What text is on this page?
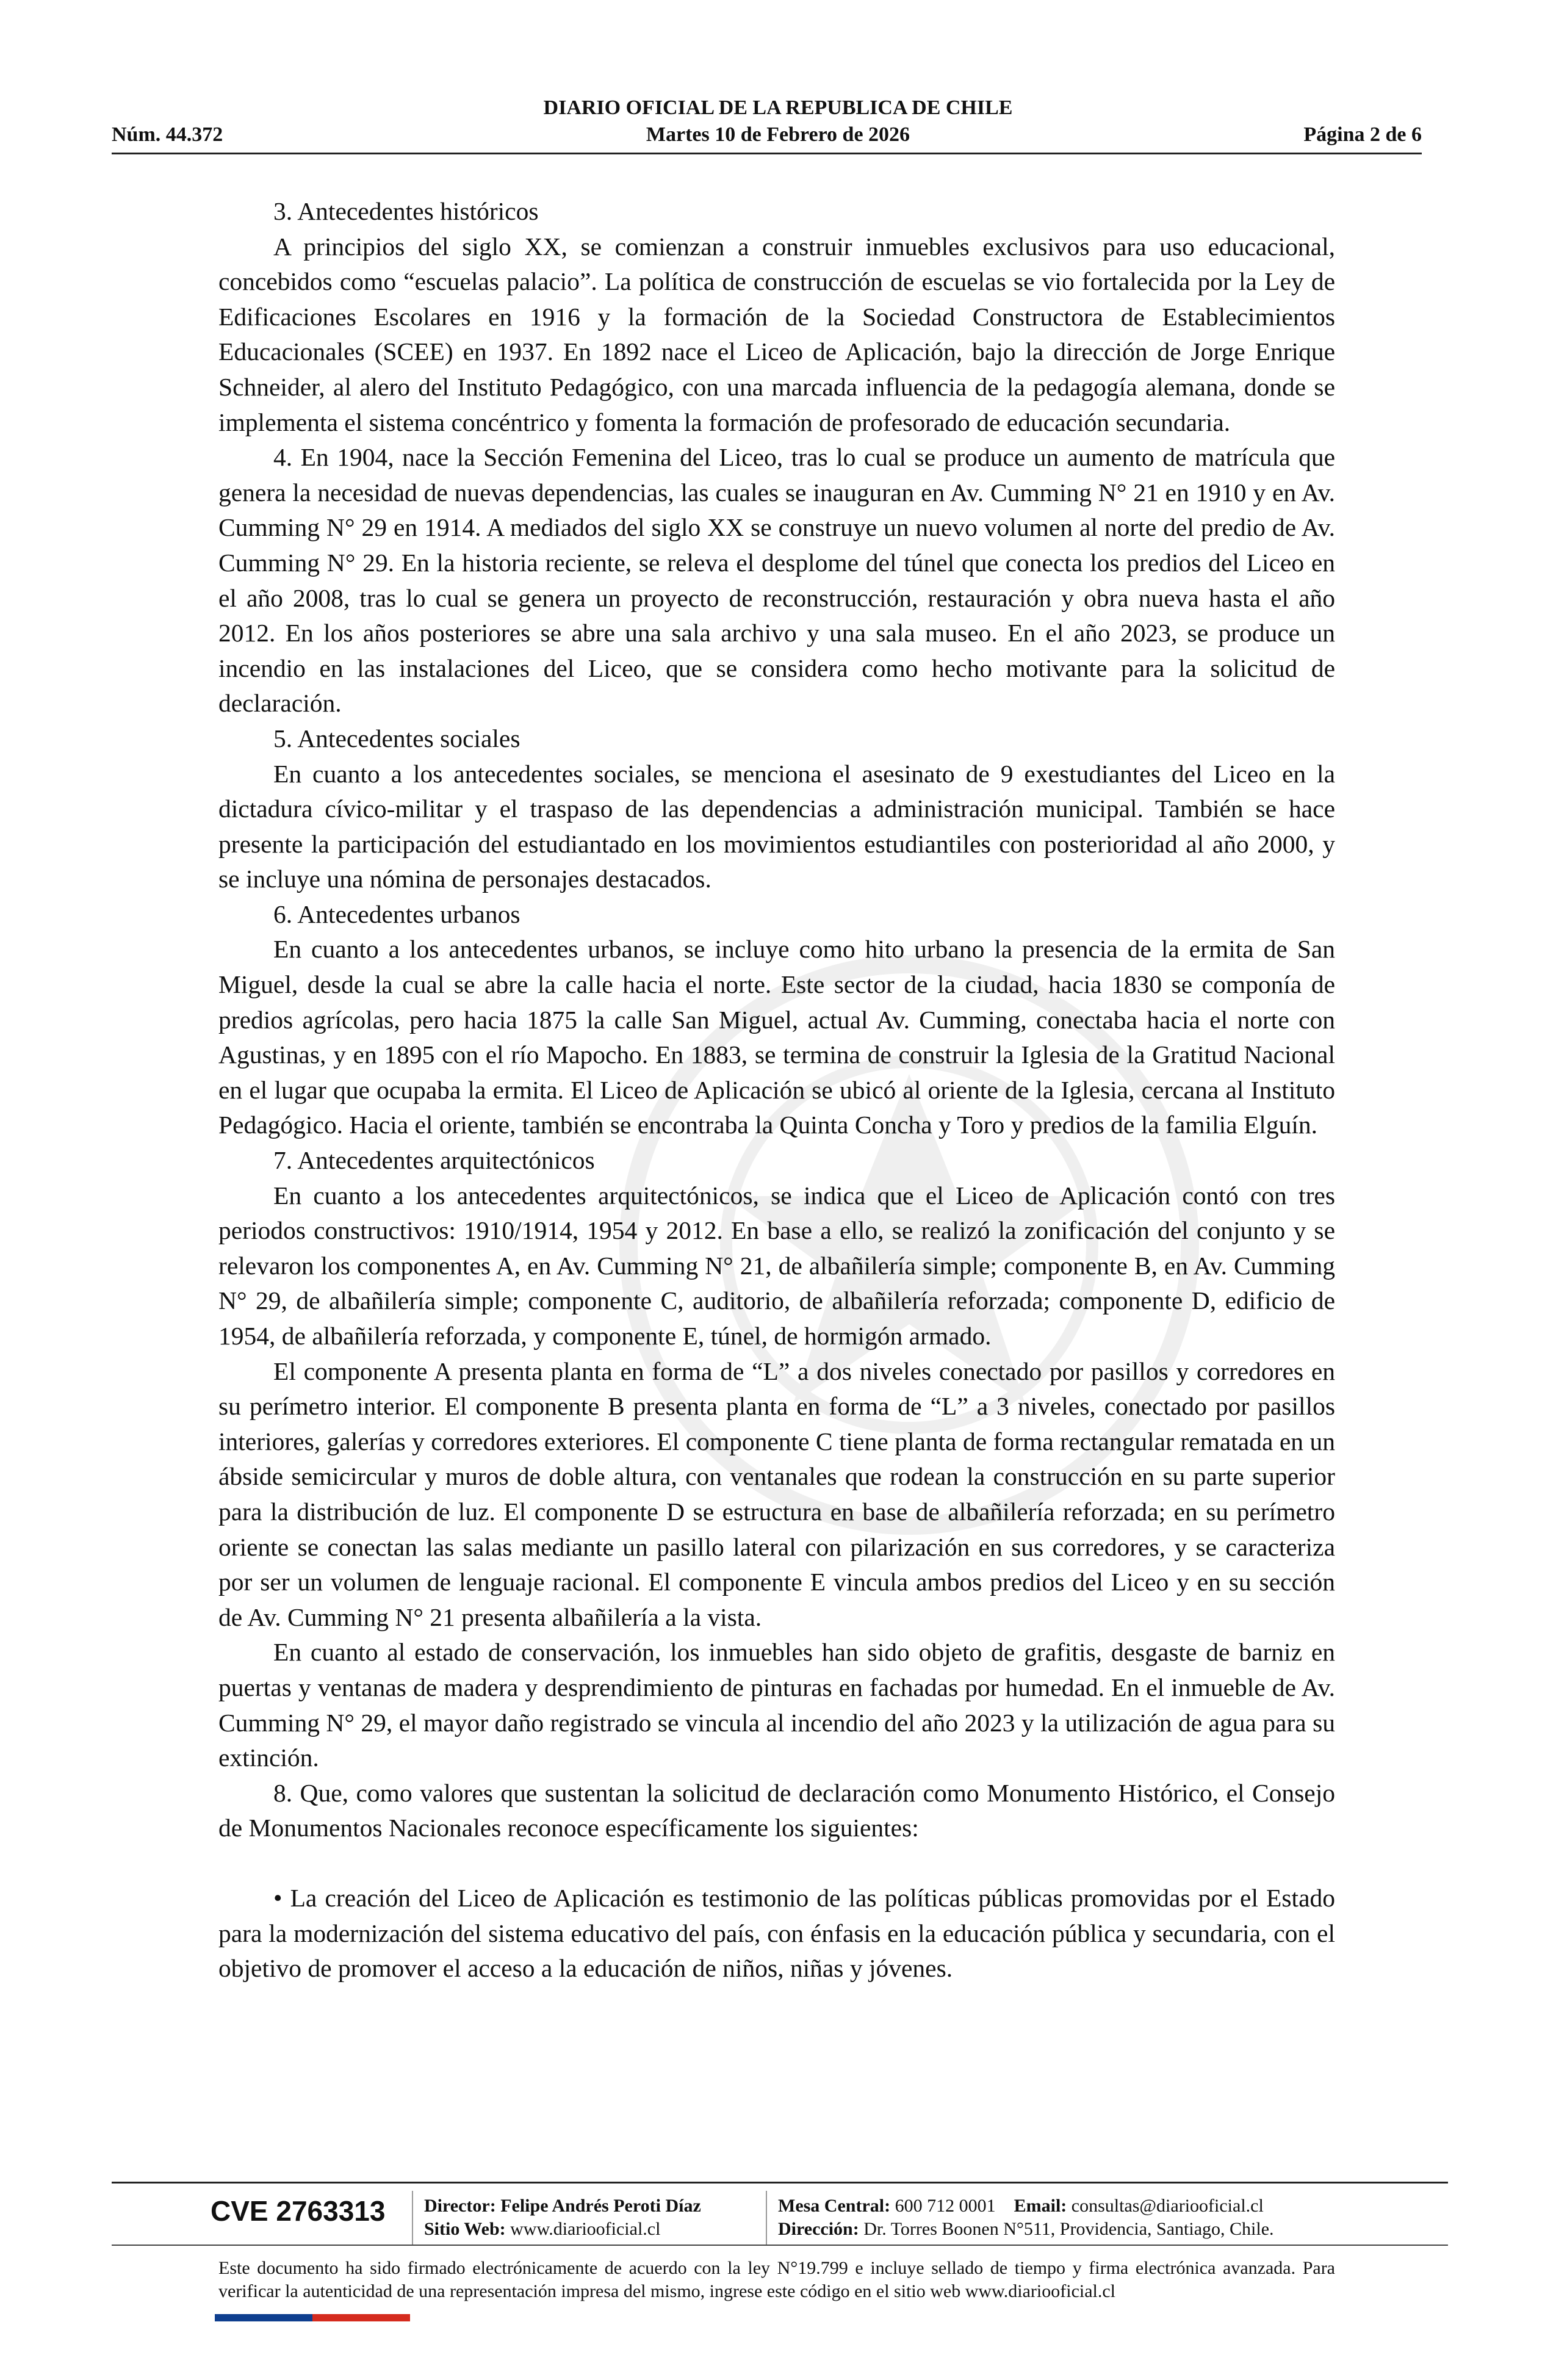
DIARIO OFICIAL DE LA REPUBLICA DE CHILE
Núm. 44.372	Martes 10 de Febrero de 2026	Página 2 de 6

3. Antecedentes históricos

A principios del siglo XX, se comienzan a construir inmuebles exclusivos para uso educacional, concebidos como “escuelas palacio”. La política de construcción de escuelas se vio fortalecida por la Ley de Edificaciones Escolares en 1916 y la formación de la Sociedad Constructora de Establecimientos Educacionales (SCEE) en 1937. En 1892 nace el Liceo de Aplicación, bajo la dirección de Jorge Enrique Schneider, al alero del Instituto Pedagógico, con una marcada influencia de la pedagogía alemana, donde se implementa el sistema concéntrico y fomenta la formación de profesorado de educación secundaria.

4. En 1904, nace la Sección Femenina del Liceo, tras lo cual se produce un aumento de matrícula que genera la necesidad de nuevas dependencias, las cuales se inauguran en Av. Cumming N° 21 en 1910 y en Av. Cumming N° 29 en 1914. A mediados del siglo XX se construye un nuevo volumen al norte del predio de Av. Cumming N° 29. En la historia reciente, se releva el desplome del túnel que conecta los predios del Liceo en el año 2008, tras lo cual se genera un proyecto de reconstrucción, restauración y obra nueva hasta el año 2012. En los años posteriores se abre una sala archivo y una sala museo. En el año 2023, se produce un incendio en las instalaciones del Liceo, que se considera como hecho motivante para la solicitud de declaración.

5. Antecedentes sociales

En cuanto a los antecedentes sociales, se menciona el asesinato de 9 exestudiantes del Liceo en la dictadura cívico-militar y el traspaso de las dependencias a administración municipal. También se hace presente la participación del estudiantado en los movimientos estudiantiles con posterioridad al año 2000, y se incluye una nómina de personajes destacados.

6. Antecedentes urbanos

En cuanto a los antecedentes urbanos, se incluye como hito urbano la presencia de la ermita de San Miguel, desde la cual se abre la calle hacia el norte. Este sector de la ciudad, hacia 1830 se componía de predios agrícolas, pero hacia 1875 la calle San Miguel, actual Av. Cumming, conectaba hacia el norte con Agustinas, y en 1895 con el río Mapocho. En 1883, se termina de construir la Iglesia de la Gratitud Nacional en el lugar que ocupaba la ermita. El Liceo de Aplicación se ubicó al oriente de la Iglesia, cercana al Instituto Pedagógico. Hacia el oriente, también se encontraba la Quinta Concha y Toro y predios de la familia Elguín.

7. Antecedentes arquitectónicos

En cuanto a los antecedentes arquitectónicos, se indica que el Liceo de Aplicación contó con tres periodos constructivos: 1910/1914, 1954 y 2012. En base a ello, se realizó la zonificación del conjunto y se relevaron los componentes A, en Av. Cumming N° 21, de albañilería simple; componente B, en Av. Cumming N° 29, de albañilería simple; componente C, auditorio, de albañilería reforzada; componente D, edificio de 1954, de albañilería reforzada, y componente E, túnel, de hormigón armado.

El componente A presenta planta en forma de “L” a dos niveles conectado por pasillos y corredores en su perímetro interior. El componente B presenta planta en forma de “L” a 3 niveles, conectado por pasillos interiores, galerías y corredores exteriores. El componente C tiene planta de forma rectangular rematada en un ábside semicircular y muros de doble altura, con ventanales que rodean la construcción en su parte superior para la distribución de luz. El componente D se estructura en base de albañilería reforzada; en su perímetro oriente se conectan las salas mediante un pasillo lateral con pilarización en sus corredores, y se caracteriza por ser un volumen de lenguaje racional. El componente E vincula ambos predios del Liceo y en su sección de Av. Cumming N° 21 presenta albañilería a la vista.

En cuanto al estado de conservación, los inmuebles han sido objeto de grafitis, desgaste de barniz en puertas y ventanas de madera y desprendimiento de pinturas en fachadas por humedad. En el inmueble de Av. Cumming N° 29, el mayor daño registrado se vincula al incendio del año 2023 y la utilización de agua para su extinción.

8. Que, como valores que sustentan la solicitud de declaración como Monumento Histórico, el Consejo de Monumentos Nacionales reconoce específicamente los siguientes:

• La creación del Liceo de Aplicación es testimonio de las políticas públicas promovidas por el Estado para la modernización del sistema educativo del país, con énfasis en la educación pública y secundaria, con el objetivo de promover el acceso a la educación de niños, niñas y jóvenes.

CVE 2763313 Director: Felipe Andrés Peroti Díaz
Sitio Web: www.diariooficial.cl
Mesa Central: 600 712 0001 Email: consultas@diariooficial.cl
Dirección: Dr. Torres Boonen N°511, Providencia, Santiago, Chile.
Este documento ha sido firmado electrónicamente de acuerdo con la ley N°19.799 e incluye sellado de tiempo y firma electrónica avanzada. Para verificar la autenticidad de una representación impresa del mismo, ingrese este código en el sitio web www.diariooficial.cl
